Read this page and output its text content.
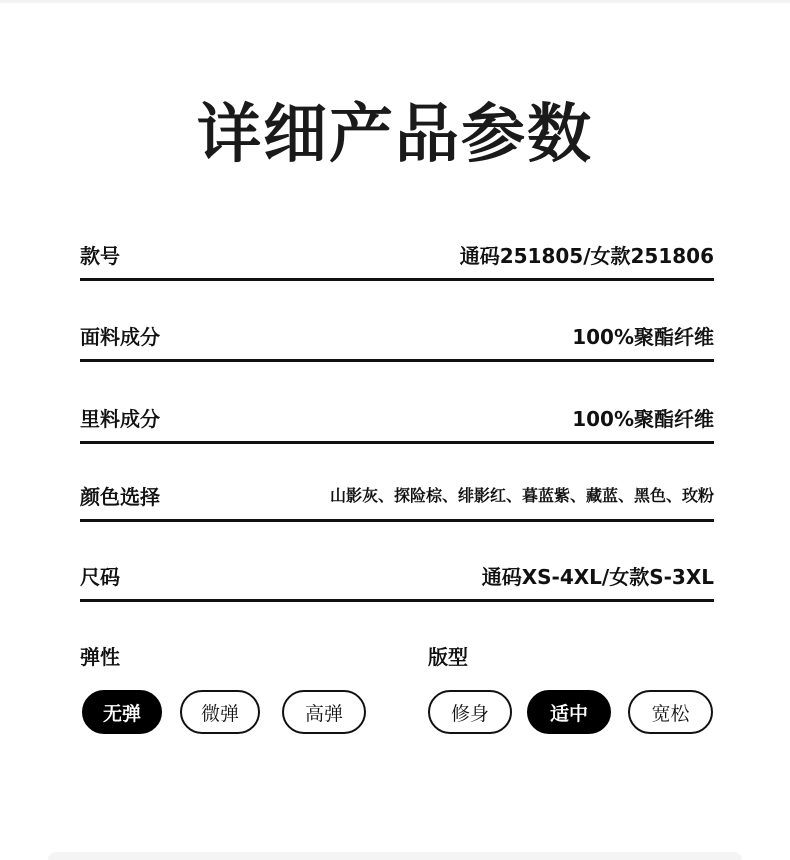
详细产品参数
款号	通码251805/女款251806
面料成分	100%聚酯纤维
里料成分	100%聚酯纤维
颜色选择	山影灰、探险棕、绯影红、暮蓝紫、藏蓝、黑色、玫粉
尺码	通码XS-4XL/女款S-3XL
弹性	版型
无弹	微弹	高弹	修身	适中	宽松
